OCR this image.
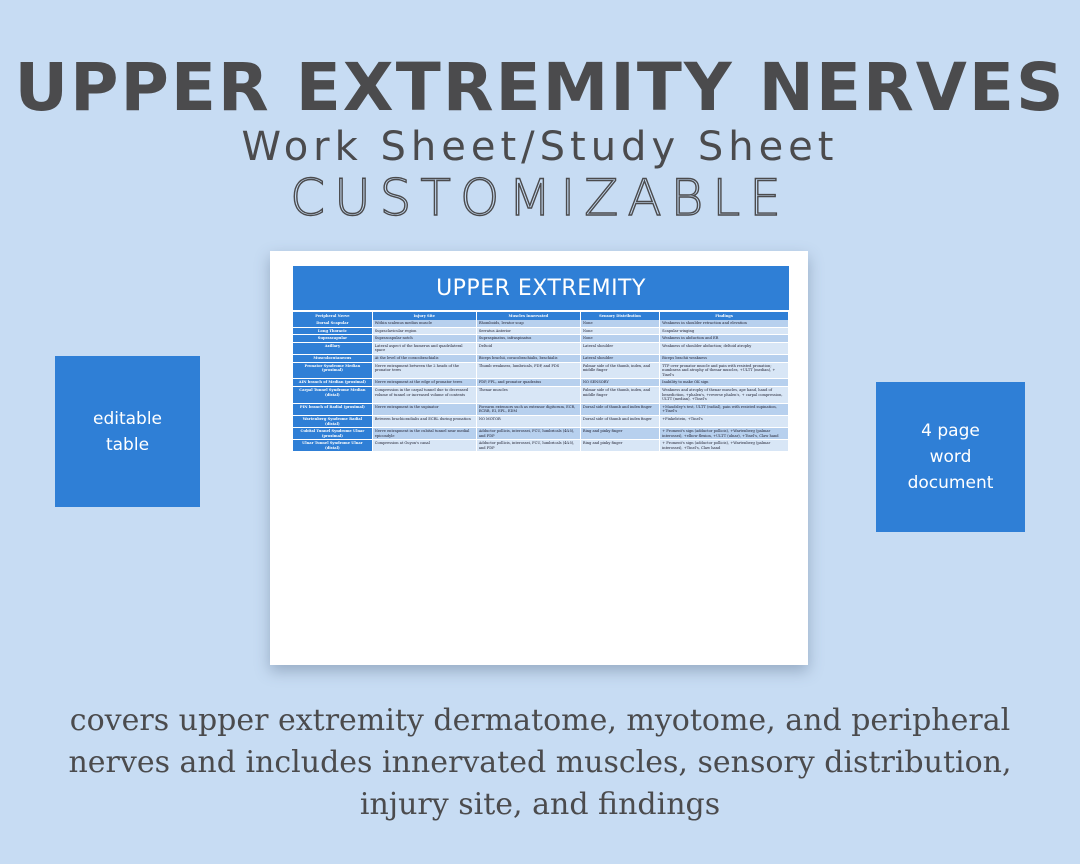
UPPER EXTREMITY NERVES
Work Sheet/Study Sheet
CUSTOMIZABLE
editable
table
4 page
word
document
UPPER EXTREMITY
Peripheral Nerve	Injury Site	Muscles Innervated	Sensory Distribution	Findings
Dorsal Scapular	Within scalenus medius muscle	Rhomboids, levator scap	None	Weakness in shoulder retraction and elevation
Long Thoracic	Supraclavicular region	Serratus Anterior	None	Scapular winging
Suprascapular	Suprascapular notch	Supraspinatus, infraspinatus	None	Weakness in abduction and ER
Axillary	Lateral aspect of the humerus and quadrilateral space	Deltoid	Lateral shoulder	Weakness of shoulder abduction; deltoid atrophy
Musculocutaneous	At the level of the coracobrachialis	Biceps brachii, coracobrachialis, brachialis	Lateral shoulder	Biceps brachii weakness
Pronator Syndrome Median (proximal)	Nerve entrapment between the 2 heads of the pronator teres	Thumb weakness, lumbricals, FDP, and FDS	Palmar side of the thumb, index, and middle finger	TTP over pronator muscle and pain with resisted pronation; numbness and atrophy of thenar muscles, +ULTT (median), + Tinel's
AIN branch of Median (proximal)	Nerve entrapment at the edge of pronator teres	FDP, FPL, and pronator quadratus	NO SENSORY	Inability to make OK sign
Carpal Tunnel Syndrome Median (distal)	Compression in the carpal tunnel due to decreased volume of tunnel or increased volume of contents	Thenar muscles	Palmar side of the thumb, index, and middle finger	Weakness and atrophy of thenar muscles, ape hand, hand of benediction, +phalen's, +reverse phalen's, + carpal compression, ULTT (median), +Tinel's
PIN branch of Radial (proximal)	Nerve entrapment in the supinator	Forearm extensors such as extensor digitorum, ECR, ECRB, EI, EPL, EDM	Dorsal side of thumb and index finger	+Maudsley's test, ULTT (radial), pain with resisted supination, +Tinel's
Wartenberg Syndrome Radial (distal)	Between brachioradialis and ECRL during pronation	NO MOTOR	Dorsal side of thumb and index finger	+Finkelstein, +Tinel's
Cubital Tunnel Syndrome Ulnar (proximal)	Nerve entrapment in the cubital tunnel near medial epicondyle	Adductor pollicis, interossei, FCU, lumbricals (4&5), and FDP	Ring and pinky finger	+ Froment's sign (adductor pollicis), +Wartenberg (palmar interossei), +elbow flexion, +ULTT (ulnar), +Tinel's, Claw hand
Ulnar Tunnel Syndrome Ulnar (distal)	Compression at Guyon's canal	Adductor pollicis, interossei, FCU, lumbricals (4&5), and FDP	Ring and pinky finger	+ Froment's sign (adductor pollicis), +Wartenberg (palmar interossei), +Tinel's, Claw hand
covers upper extremity dermatome, myotome, and peripheral
nerves and includes innervated muscles, sensory distribution,
injury site, and findings
